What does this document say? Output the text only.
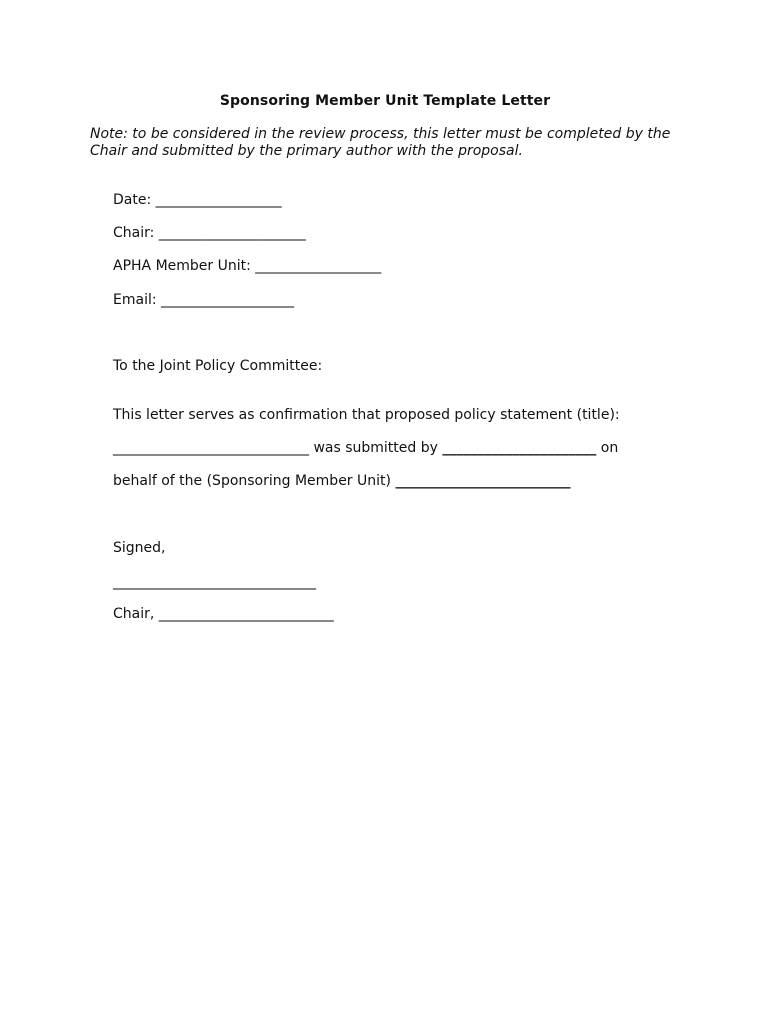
Sponsoring Member Unit Template Letter
Note: to be considered in the review process, this letter must be completed by the Chair and submitted by the primary author with the proposal.
Date: __________________
Chair: _____________________
APHA Member Unit: __________________
Email: ___________________
To the Joint Policy Committee:
This letter serves as confirmation that proposed policy statement (title):
____________________________ was submitted by ______________________ on
behalf of the (Sponsoring Member Unit) _________________________
Signed,
_____________________________
Chair, _________________________
